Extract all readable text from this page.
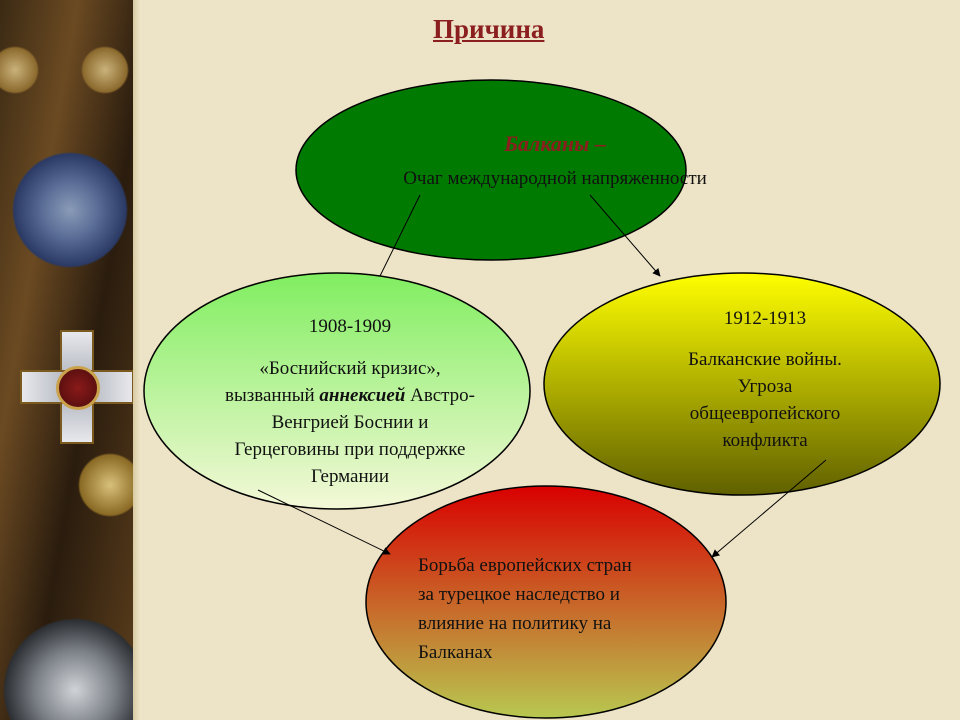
Причина
Балканы –
Очаг международной напряженности
1908-1909
«Боснийский кризис»,
вызванный аннексией Австро-
Венгрией Боснии и
Герцеговины при поддержке
Германии
1912-1913
Балканские войны.
Угроза
общеевропейского
конфликта
Борьба европейских стран
за турецкое наследство и
влияние на политику на
Балканах
